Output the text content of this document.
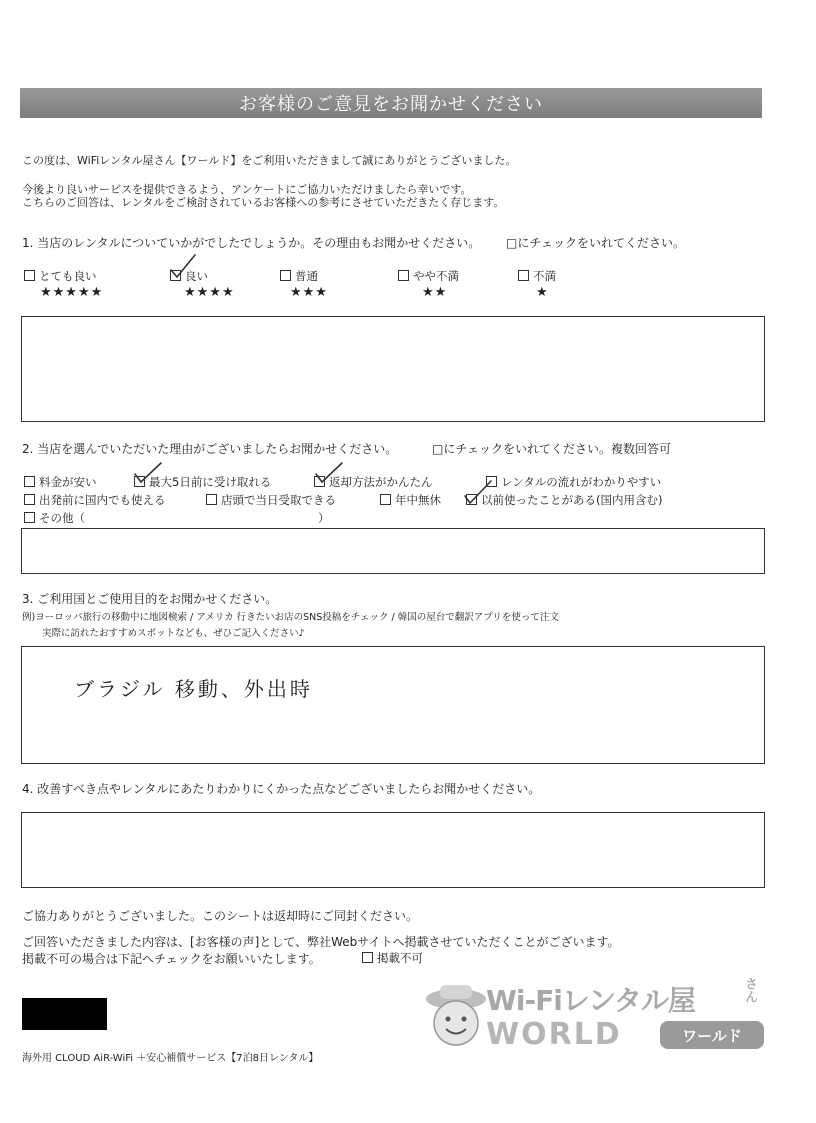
お客様のご意見をお聞かせください
この度は、WiFiレンタル屋さん【ワールド】をご利用いただきまして誠にありがとうございました。
今後より良いサービスを提供できるよう、アンケートにご協力いただけましたら幸いです。
こちらのご回答は、レンタルをご検討されているお客様への参考にさせていただきたく存じます。
1. 当店のレンタルについていかがでしたでしょうか。その理由もお聞かせください。 □にチェックをいれてください。
とても良い
★★★★★
良い
★★★★
普通
★★★
やや不満
★★
不満
★
2. 当店を選んでいただいた理由がございましたらお聞かせください。	□にチェックをいれてください。複数回答可
料金が安い	最大5日前に受け取れる	返却方法がかんたん	レンタルの流れがわかりやすい
出発前に国内でも使える	店頭で当日受取できる	年中無休	以前使ったことがある(国内用含む)
その他（	）
3. ご利用国とご使用目的をお聞かせください。
例)ヨーロッパ旅行の移動中に地図検索 / アメリカ 行きたいお店のSNS投稿をチェック / 韓国の屋台で翻訳アプリを使って注文
実際に訪れたおすすめスポットなども、ぜひご記入ください♪
ブラジル 移動、外出時
4. 改善すべき点やレンタルにあたりわかりにくかった点などございましたらお聞かせください。
ご協力ありがとうございました。このシートは返却時にご同封ください。
ご回答いただきました内容は、[お客様の声]として、弊社Webサイトへ掲載させていただくことがございます。
掲載不可の場合は下記へチェックをお願いいたします。	掲載不可
海外用 CLOUD AiR-WiFi ＋安心補償サービス【7泊8日レンタル】
Wi-Fiレンタル屋	さん
WORLD	ワールド
